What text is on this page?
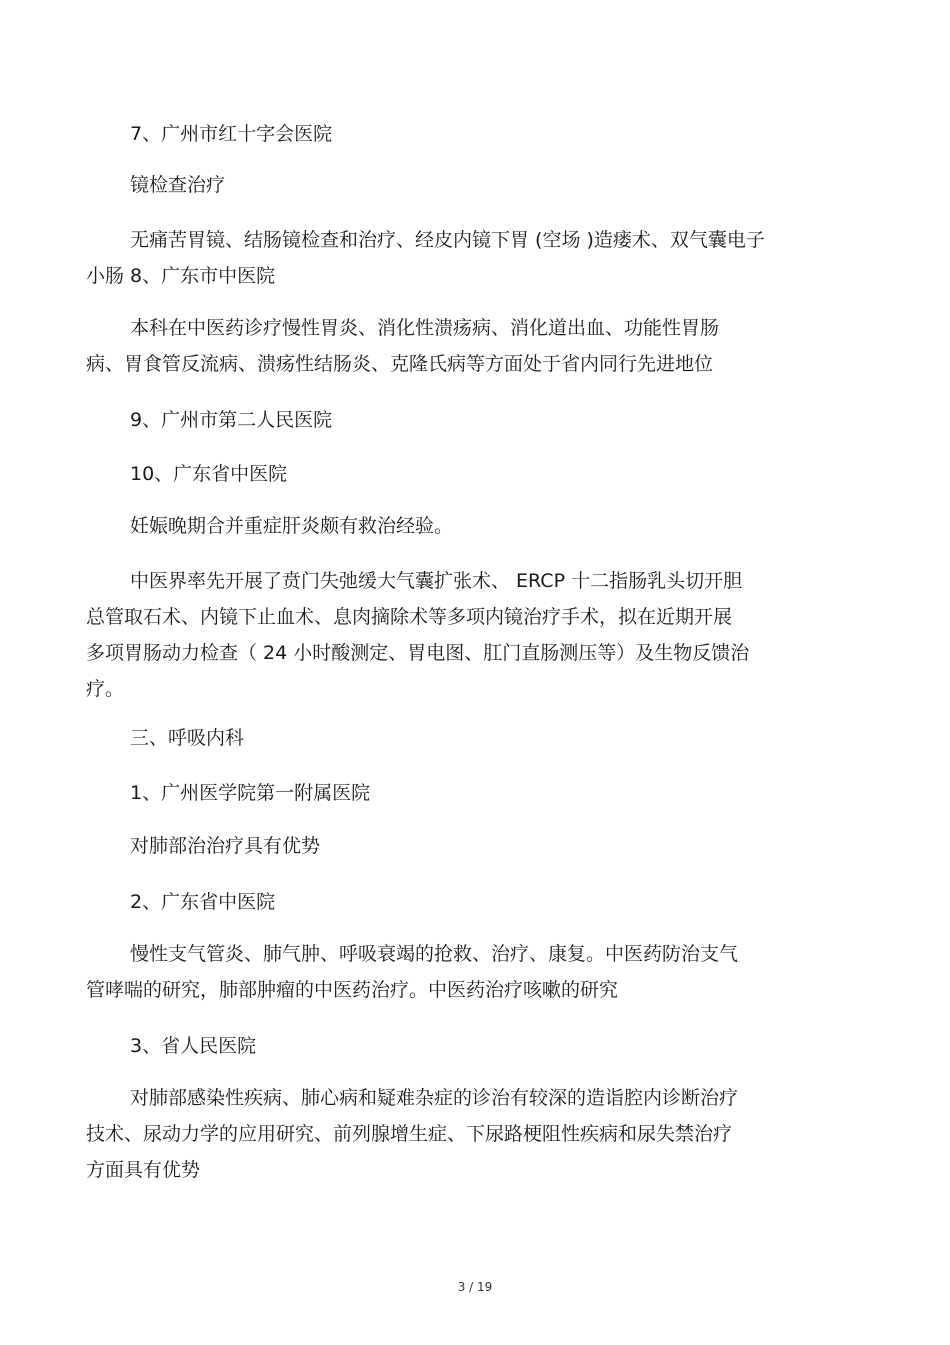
7、广州市红十字会医院
镜检查治疗
无痛苦胃镜、结肠镜检查和治疗、经皮内镜下胃 (空场 )造瘘术、双气囊电子
小肠 8、广东市中医院
本科在中医药诊疗慢性胃炎、消化性溃疡病、消化道出血、功能性胃肠
病、胃食管反流病、溃疡性结肠炎、克隆氏病等方面处于省内同行先进地位
9、广州市第二人民医院
10、广东省中医院
妊娠晚期合并重症肝炎颇有救治经验。
中医界率先开展了贲门失弛缓大气囊扩张术、 ERCP 十二指肠乳头切开胆
总管取石术、内镜下止血术、息肉摘除术等多项内镜治疗手术，拟在近期开展
多项胃肠动力检查（ 24 小时酸测定、胃电图、肛门直肠测压等）及生物反馈治
疗。
三、呼吸内科
1、广州医学院第一附属医院
对肺部治治疗具有优势
2、广东省中医院
慢性支气管炎、肺气肿、呼吸衰竭的抢救、治疗、康复。中医药防治支气
管哮喘的研究，肺部肿瘤的中医药治疗。中医药治疗咳嗽的研究
3、省人民医院
对肺部感染性疾病、肺心病和疑难杂症的诊治有较深的造诣腔内诊断治疗
技术、尿动力学的应用研究、前列腺增生症、下尿路梗阻性疾病和尿失禁治疗
方面具有优势
3 / 19
